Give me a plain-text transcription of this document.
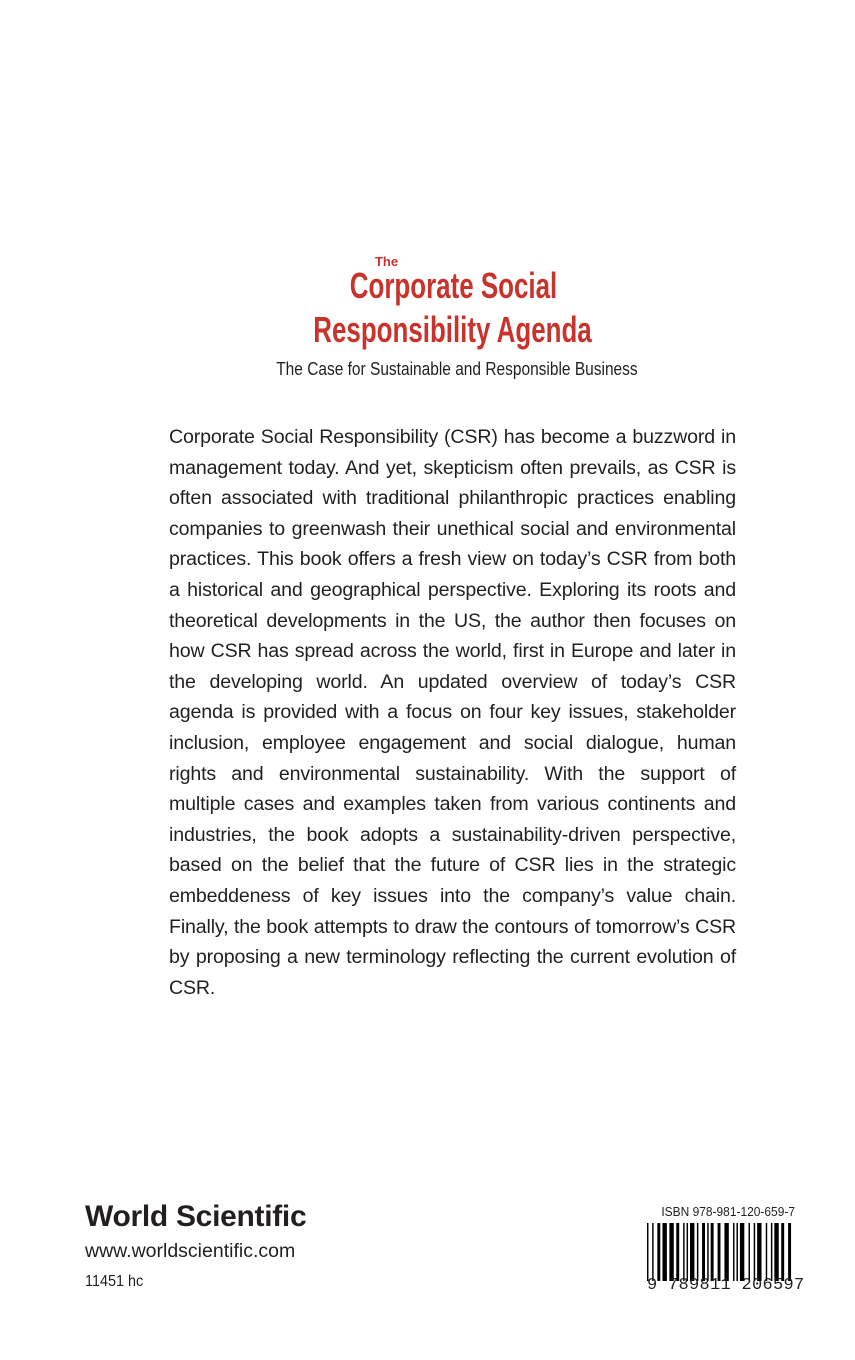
The
Corporate Social
Responsibility Agenda
The Case for Sustainable and Responsible Business

Corporate Social Responsibility (CSR) has become a buzzword in management today. And yet, skepticism often prevails, as CSR is often associated with traditional philanthropic practices enabling companies to greenwash their unethical social and environmental practices. This book offers a fresh view on today’s CSR from both a historical and geographical perspective. Exploring its roots and theoretical developments in the US, the author then focuses on how CSR has spread across the world, first in Europe and later in the developing world. An updated overview of today’s CSR agenda is provided with a focus on four key issues, stakeholder inclusion, employee engagement and social dialogue, human rights and environmental sustainability. With the support of multiple cases and examples taken from various continents and industries, the book adopts a sustainability-driven perspective, based on the belief that the future of CSR lies in the strategic embeddeness of key issues into the company’s value chain. Finally, the book attempts to draw the contours of tomorrow’s CSR by proposing a new terminology reflecting the current evolution of CSR.

World Scientific
www.worldscientific.com
11451 hc
ISBN 978-981-120-659-7
9 789811 206597
